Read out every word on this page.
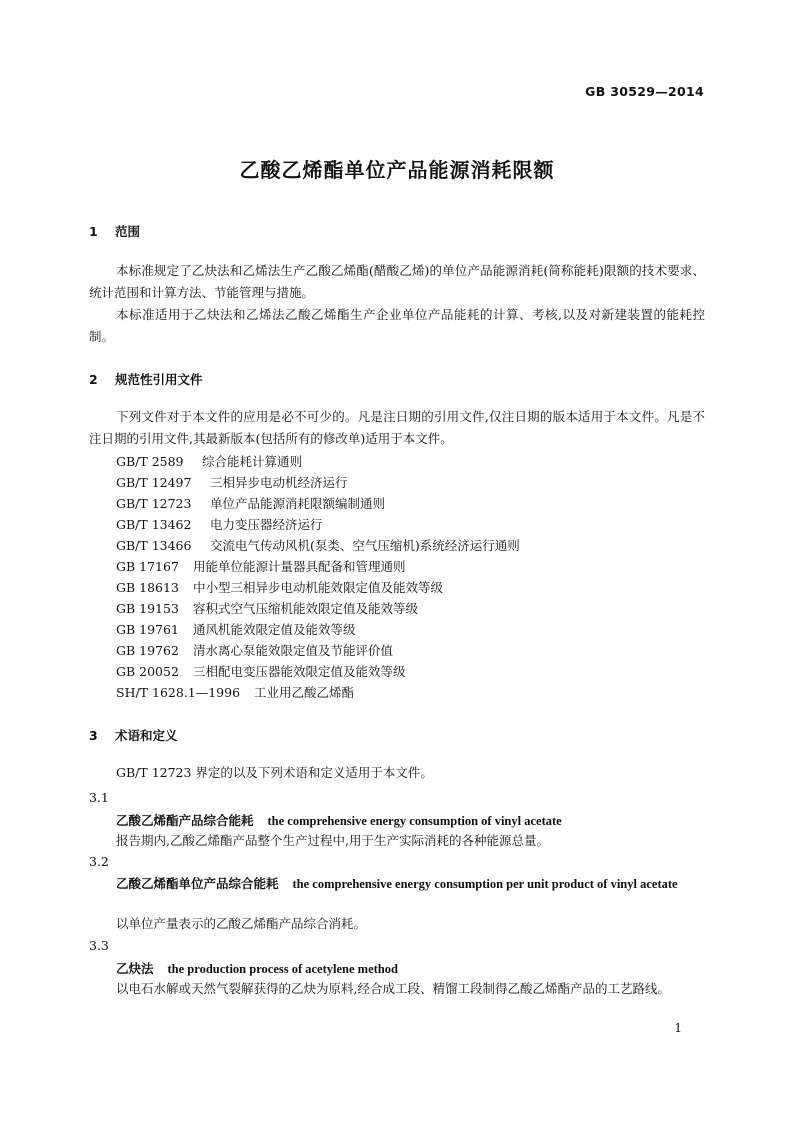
GB 30529—2014
乙酸乙烯酯单位产品能源消耗限额
1 范围
本标准规定了乙炔法和乙烯法生产乙酸乙烯酯(醋酸乙烯)的单位产品能源消耗(简称能耗)限额的技术要求、统计范围和计算方法、节能管理与措施。
本标准适用于乙炔法和乙烯法乙酸乙烯酯生产企业单位产品能耗的计算、考核,以及对新建装置的能耗控制。
2 规范性引用文件
下列文件对于本文件的应用是必不可少的。凡是注日期的引用文件,仅注日期的版本适用于本文件。凡是不注日期的引用文件,其最新版本(包括所有的修改单)适用于本文件。
GB/T 2589 综合能耗计算通则
GB/T 12497 三相异步电动机经济运行
GB/T 12723 单位产品能源消耗限额编制通则
GB/T 13462 电力变压器经济运行
GB/T 13466 交流电气传动风机(泵类、空气压缩机)系统经济运行通则
GB 17167 用能单位能源计量器具配备和管理通则
GB 18613 中小型三相异步电动机能效限定值及能效等级
GB 19153 容积式空气压缩机能效限定值及能效等级
GB 19761 通风机能效限定值及能效等级
GB 19762 清水离心泵能效限定值及节能评价值
GB 20052 三相配电变压器能效限定值及能效等级
SH/T 1628.1—1996 工业用乙酸乙烯酯
3 术语和定义
GB/T 12723 界定的以及下列术语和定义适用于本文件。
3.1
乙酸乙烯酯产品综合能耗 the comprehensive energy consumption of vinyl acetate
报告期内,乙酸乙烯酯产品整个生产过程中,用于生产实际消耗的各种能源总量。
3.2
乙酸乙烯酯单位产品综合能耗 the comprehensive energy consumption per unit product of vinyl acetate
以单位产量表示的乙酸乙烯酯产品综合消耗。
3.3
乙炔法 the production process of acetylene method
以电石水解或天然气裂解获得的乙炔为原料,经合成工段、精馏工段制得乙酸乙烯酯产品的工艺路线。
1
